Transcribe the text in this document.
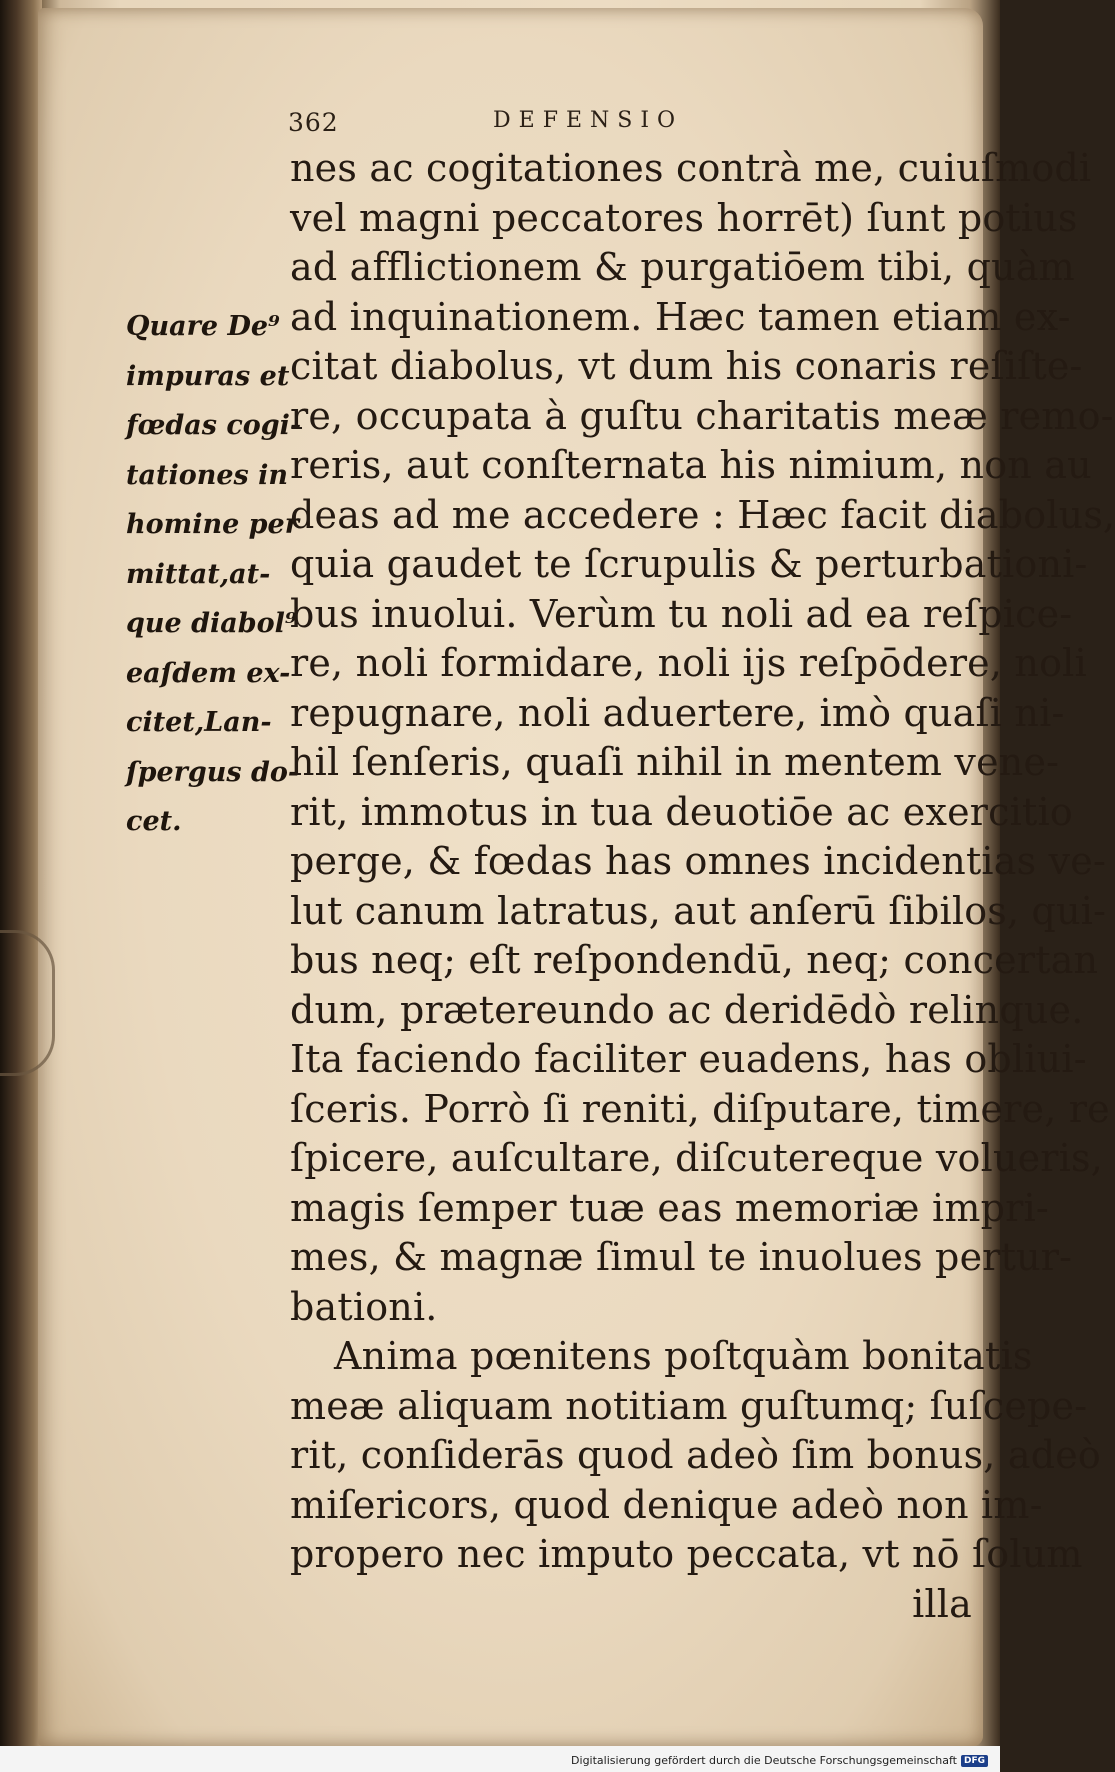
362	DEFENSIO
Quare De⁹
impuras et
fœdas cogi-
tationes in
homine per
mittat,at-
que diabol⁹
eaſdem ex-
citet,Lan-
ſpergus do-
cet.
nes ac cogitationes contrà me, cuiuſmodi
vel magni peccatores horrēt) ſunt potius
ad afflictionem & purgatiōem tibi, quàm
ad inquinationem. Hæc tamen etiam ex-
citat diabolus, vt dum his conaris reſiſte-
re, occupata à guſtu charitatis meæ remo-
reris, aut conſternata his nimium, non au
deas ad me accedere : Hæc facit diabolus,
quia gaudet te ſcrupulis & perturbationi-
bus inuolui. Verùm tu noli ad ea reſpice-
re, noli formidare, noli ijs reſpōdere, noli
repugnare, noli aduertere, imò quaſi ni-
hil ſenſeris, quaſi nihil in mentem vene-
rit, immotus in tua deuotiōe ac exercitio
perge, & fœdas has omnes incidentias ve-
lut canum latratus, aut anſerū ſibilos, qui-
bus neq; eſt reſpondendū, neq; concertan
dum, prætereundo ac deridēdò relinque.
Ita faciendo faciliter euadens, has obliui-
ſceris. Porrò ſi reniti, diſputare, timere, re
ſpicere, auſcultare, diſcutereque volueris,
magis ſemper tuæ eas memoriæ impri-
mes, & magnæ ſimul te inuolues pertur-
bationi.
Anima pœnitens poſtquàm bonitatis
meæ aliquam notitiam guſtumq; ſuſcepe-
rit, conſiderās quod adeò ſim bonus, adeò
miſericors, quod denique adeò non im-
propero nec imputo peccata, vt nō ſolum
illa
Digitalisierung gefördert durch die Deutsche Forschungsgemeinschaft DFG
